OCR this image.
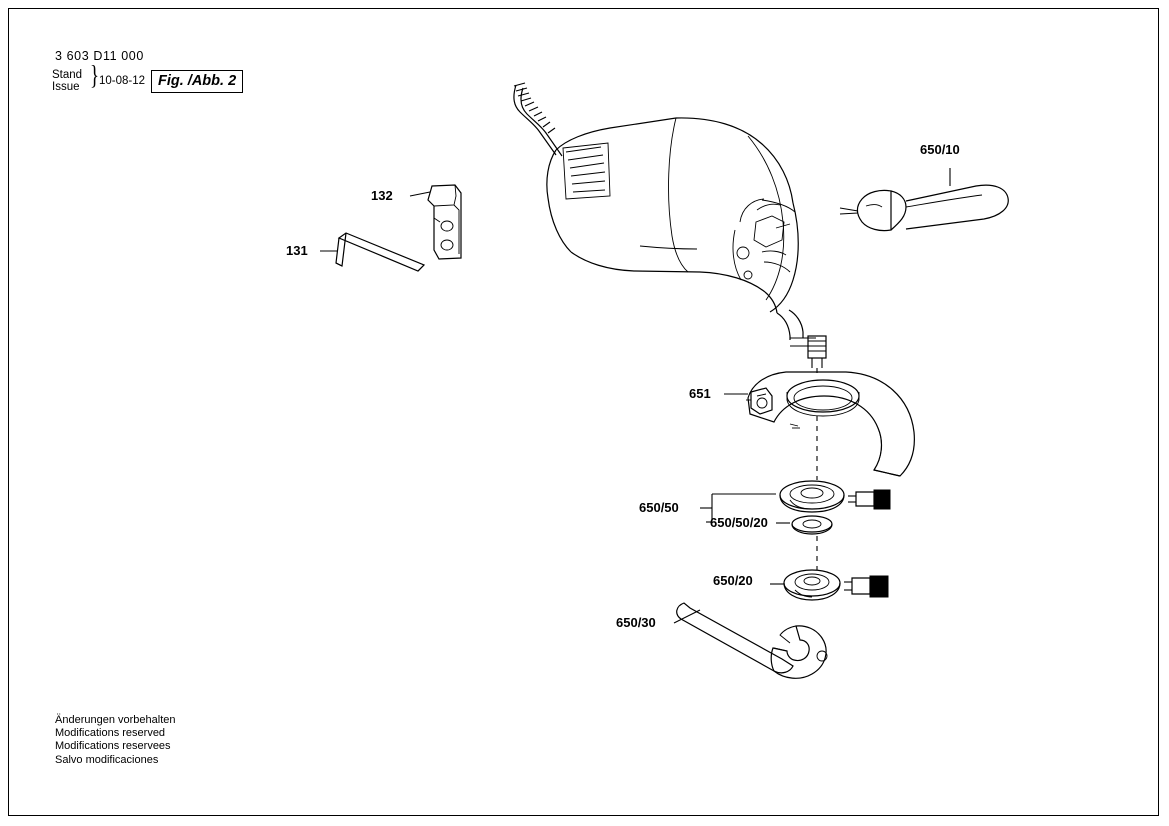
3 603 D11 000
Stand
Issue } 10-08-12 Fig. /Abb. 2
132
131
650/10
651
650/50
650/50/20
650/20
650/30
Änderungen vorbehalten
Modifications reserved
Modifications reservees
Salvo modificaciones
